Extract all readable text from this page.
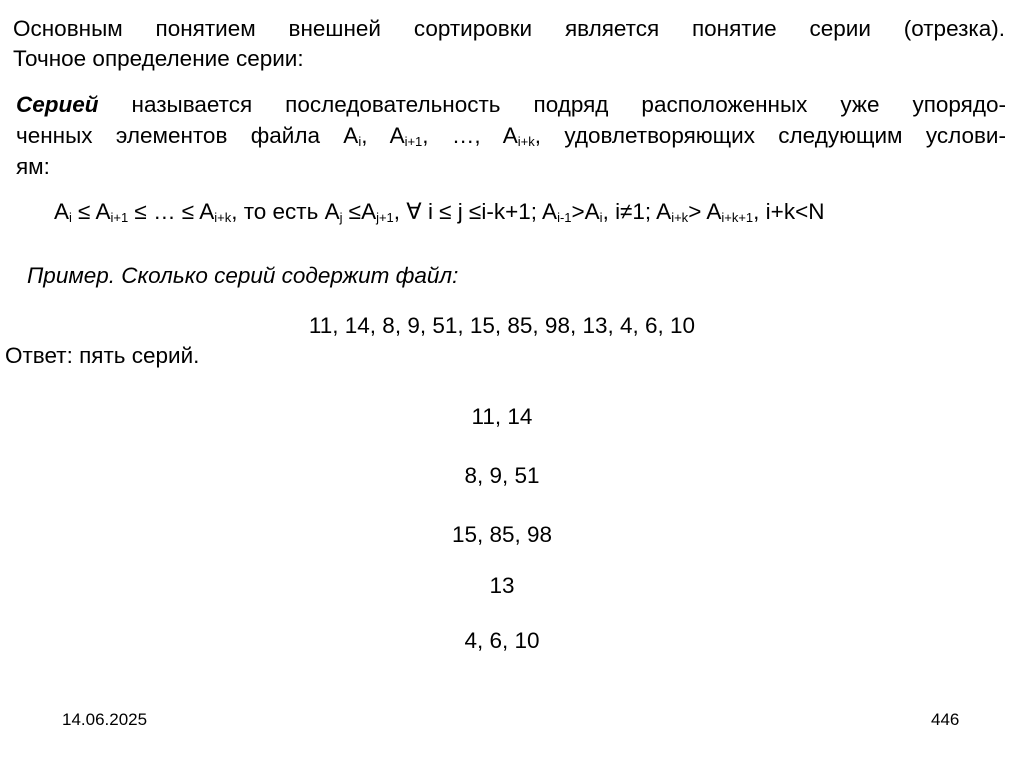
Основным понятием внешней сортировки является понятие серии (отрезка).
Точное определение серии:
Серией называется последовательность подряд расположенных уже упорядо-
ченных элементов файла $A_i$, $A_{i+1}$, …, $A_{i+k}$, удовлетворяющих следующим услови-
ям:
$A_i \le A_{i+1}$ ≤ … ≤ $A_{i+k}$, то есть $A_j \le A_{j+1}$, ∀ i ≤ j ≤i-k+1; $A_{i-1}>A_i$, i≠1; $A_{i+k}> A_{i+k+1}$, i+k<N
Пример. Сколько серий содержит файл:
11, 14, 8, 9, 51, 15, 85, 98, 13, 4, 6, 10
Ответ: пять серий.
11, 14
8, 9, 51
15, 85, 98
13
4, 6, 10
14.06.2025	446
